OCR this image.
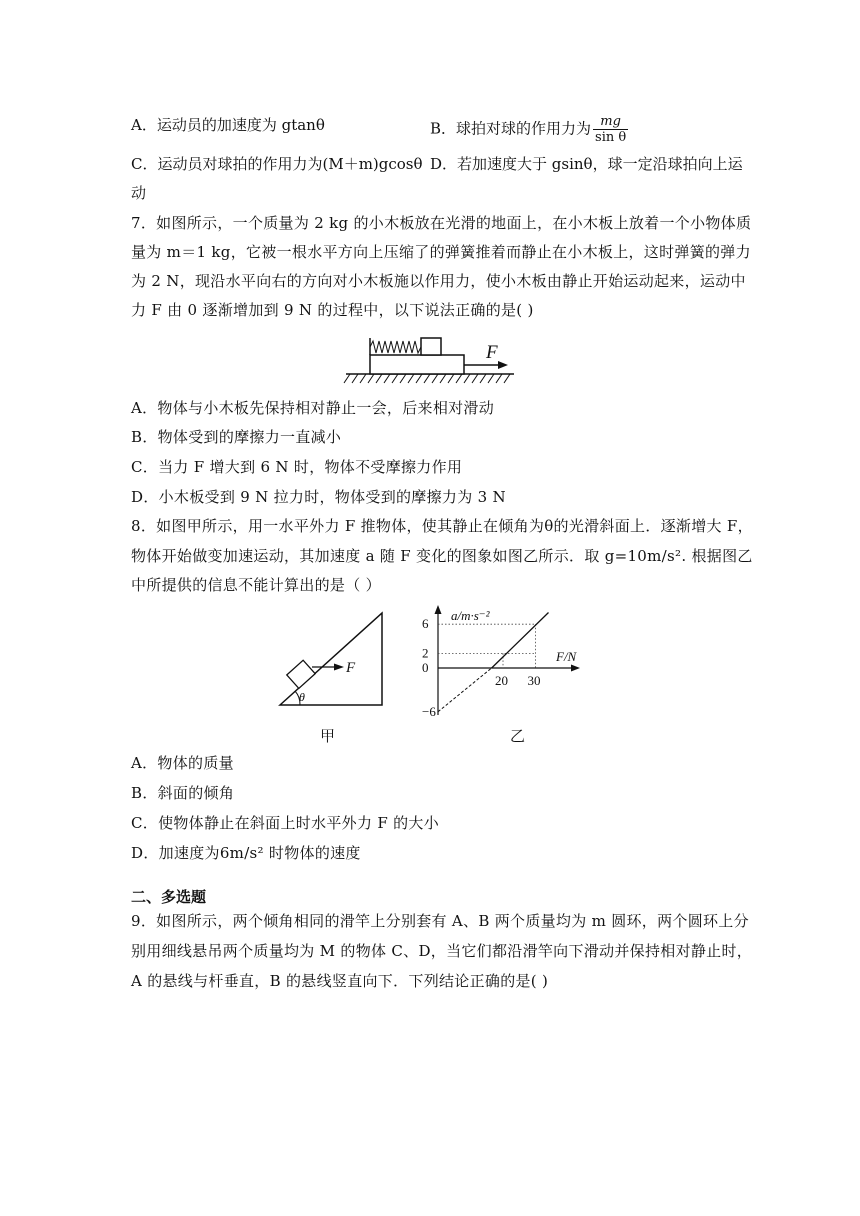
A．运动员的加速度为 gtanθ	B．球拍对球的作用力为 $\frac{mg}{\text{sin θ}}$
C．运动员对球拍的作用力为(M＋m)gcosθ D．若加速度大于 gsinθ，球一定沿球拍向上运
动
7．如图所示，一个质量为 2 kg 的小木板放在光滑的地面上，在小木板上放着一个小物体质
量为 m＝1 kg，它被一根水平方向上压缩了的弹簧推着而静止在小木板上，这时弹簧的弹力
为 2 N，现沿水平向右的方向对小木板施以作用力，使小木板由静止开始运动起来，运动中
力 F 由 0 逐渐增加到 9 N 的过程中，以下说法正确的是( )
F
A．物体与小木板先保持相对静止一会，后来相对滑动
B．物体受到的摩擦力一直减小
C．当力 F 增大到 6 N 时，物体不受摩擦力作用
D．小木板受到 9 N 拉力时，物体受到的摩擦力为 3 N
8．如图甲所示，用一水平外力 F 推物体，使其静止在倾角为θ的光滑斜面上．逐渐增大 F，
物体开始做变加速运动，其加速度 a 随 F 变化的图象如图乙所示．取 g=10m/s². 根据图乙
中所提供的信息不能计算出的是（ ）
F
θ
甲
6
2
0
−6
20 30
a/m·s⁻²
F/N
乙
A．物体的质量
B．斜面的倾角
C．使物体静止在斜面上时水平外力 F 的大小
D．加速度为6m/s² 时物体的速度
二、多选题
9．如图所示，两个倾角相同的滑竿上分别套有 A、B 两个质量均为 m 圆环，两个圆环上分
别用细线悬吊两个质量均为 M 的物体 C、D，当它们都沿滑竿向下滑动并保持相对静止时，
A 的悬线与杆垂直，B 的悬线竖直向下．下列结论正确的是( )
